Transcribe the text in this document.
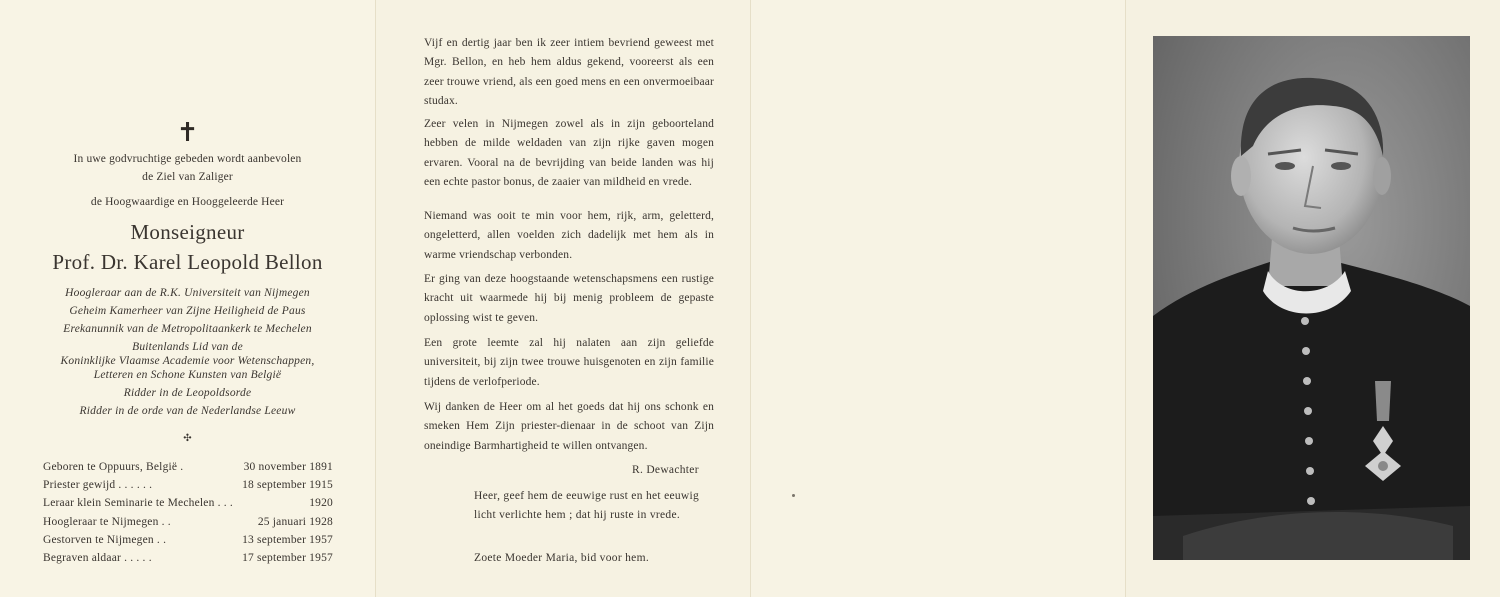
✝
In uwe godvruchtige gebeden wordt aanbevolen
de Ziel van Zaliger
de Hoogwaardige en Hooggeleerde Heer
Monseigneur
Prof. Dr. Karel Leopold Bellon
Hoogleraar aan de R.K. Universiteit van Nijmegen
Geheim Kamerheer van Zijne Heiligheid de Paus
Erekanunnik van de Metropolitaankerk te Mechelen
Buitenlands Lid van de
Koninklijke Vlaamse Academie voor Wetenschappen,
Letteren en Schone Kunsten van België
Ridder in de Leopoldsorde
Ridder in de orde van de Nederlandse Leeuw
✣
Geboren te Oppuurs, België .	30 november 1891
Priester gewijd . . . . . .	18 september 1915
Leraar klein Seminarie te Mechelen . . .	1920
Hoogleraar te Nijmegen . .	25 januari 1928
Gestorven te Nijmegen . .	13 september 1957
Begraven aldaar . . . . .	17 september 1957

Vijf en dertig jaar ben ik zeer intiem bevriend geweest met Mgr. Bellon, en heb hem aldus gekend, vooreerst als een zeer trouwe vriend, als een goed mens en een onvermoeibaar studax.

Zeer velen in Nijmegen zowel als in zijn geboorteland hebben de milde weldaden van zijn rijke gaven mogen ervaren. Vooral na de bevrijding van beide landen was hij een echte pastor bonus, de zaaier van mildheid en vrede.

Niemand was ooit te min voor hem, rijk, arm, geletterd, ongeletterd, allen voelden zich dadelijk met hem als in warme vriendschap verbonden.

Er ging van deze hoogstaande wetenschapsmens een rustige kracht uit waarmede hij bij menig probleem de gepaste oplossing wist te geven.

Een grote leemte zal hij nalaten aan zijn geliefde universiteit, bij zijn twee trouwe huisgenoten en zijn familie tijdens de verlofperiode.

Wij danken de Heer om al het goeds dat hij ons schonk en smeken Hem Zijn priester-dienaar in de schoot van Zijn oneindige Barmhartigheid te willen ontvangen.

R. Dewachter
Heer, geef hem de eeuwige rust en het eeuwig licht verlichte hem ; dat hij ruste in vrede.
Zoete Moeder Maria, bid voor hem.
